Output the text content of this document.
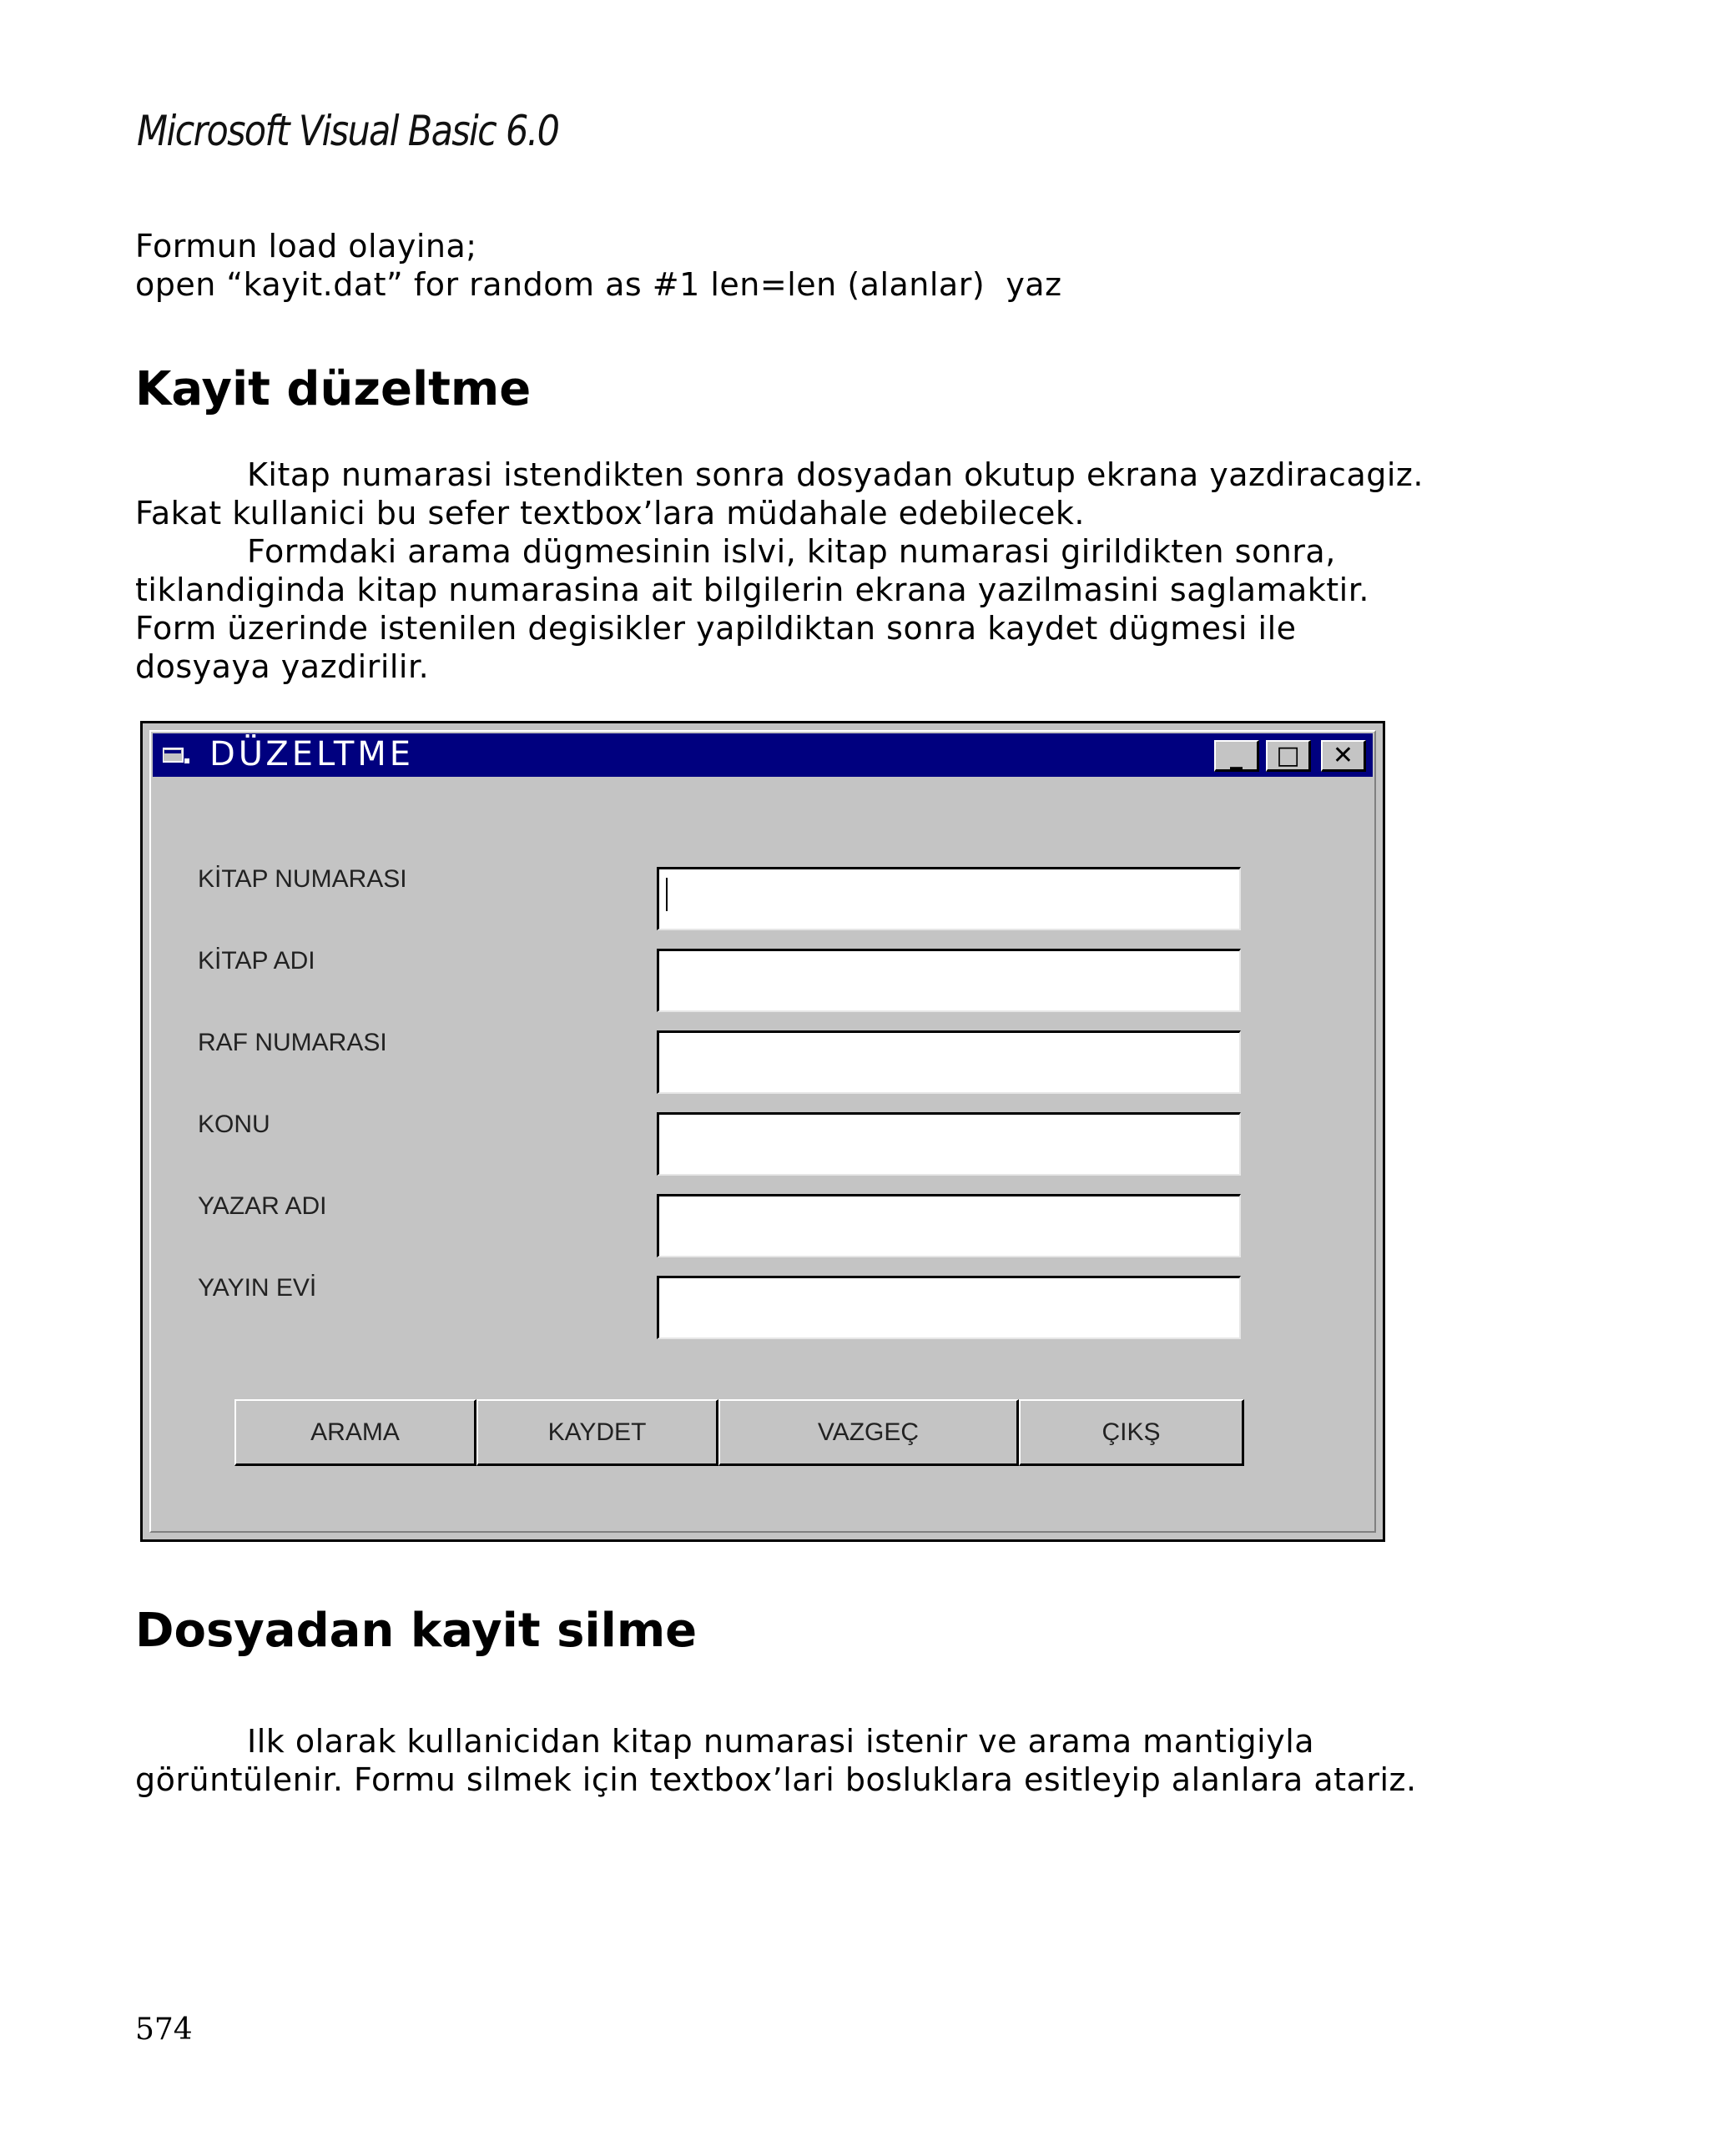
Microsoft Visual Basic 6.0
Formun load olayina;
open “kayit.dat” for random as #1 len=len (alanlar)  yaz
Kayit düzeltme

Kitap numarasi istendikten sonra dosyadan okutup ekrana yazdiracagiz. Fakat kullanici bu sefer textbox’lara müdahale edebilecek.

Formdaki arama dügmesinin islvi, kitap numarasi girildikten sonra, tiklandiginda kitap numarasina ait bilgilerin ekrana yazilmasini saglamaktir. Form üzerinde istenilen degisikler yapildiktan sonra kaydet dügmesi ile dosyaya yazdirilir.

DÜZELTME	_	□	✕
KİTAP NUMARASI
KİTAP ADI
RAF NUMARASI
KONU
YAZAR ADI
YAYIN EVİ
ARAMA	KAYDET	VAZGEÇ	ÇIKŞ
Dosyadan kayit silme

Ilk olarak kullanicidan kitap numarasi istenir ve arama mantigiyla görüntülenir. Formu silmek için textbox’lari bosluklara esitleyip alanlara atariz.

574
